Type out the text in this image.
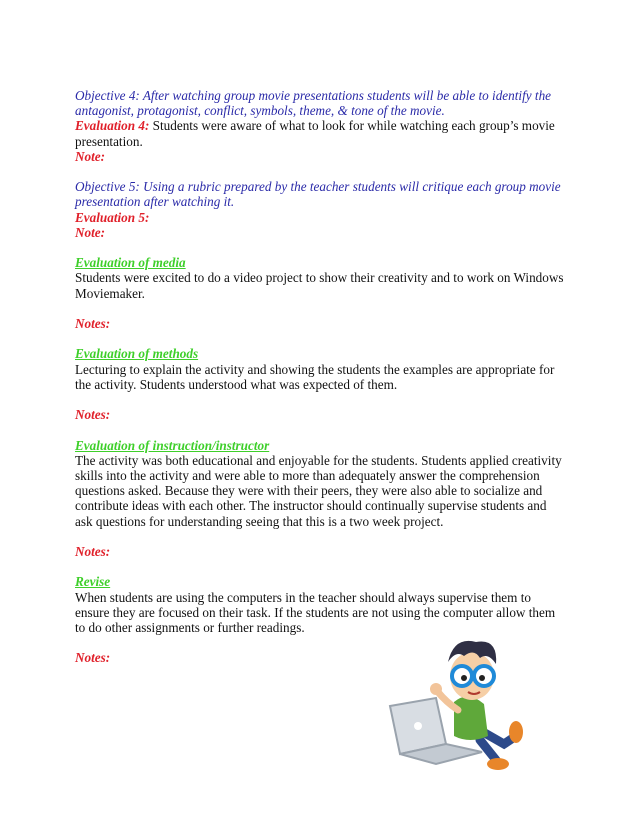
Objective 4: After watching group movie presentations students will be able to identify the antagonist, protagonist, conflict, symbols, theme, & tone of the movie.
Evaluation 4: Students were aware of what to look for while watching each group’s movie presentation.
Note:
Objective 5: Using a rubric prepared by the teacher students will critique each group movie presentation after watching it.
Evaluation 5:
Note:
Evaluation of media
Students were excited to do a video project to show their creativity and to work on Windows Moviemaker.
Notes:
Evaluation of methods
Lecturing to explain the activity and showing the students the examples are appropriate for the activity. Students understood what was expected of them.
Notes:
Evaluation of instruction/instructor
The activity was both educational and enjoyable for the students. Students applied creativity skills into the activity and were able to more than adequately answer the comprehension questions asked. Because they were with their peers, they were also able to socialize and contribute ideas with each other. The instructor should continually supervise students and ask questions for understanding seeing that this is a two week project.
Notes:
Revise
When students are using the computers in the teacher should always supervise them to ensure they are focused on their task. If the students are not using the computer allow them to do other assignments or further readings.
Notes:
